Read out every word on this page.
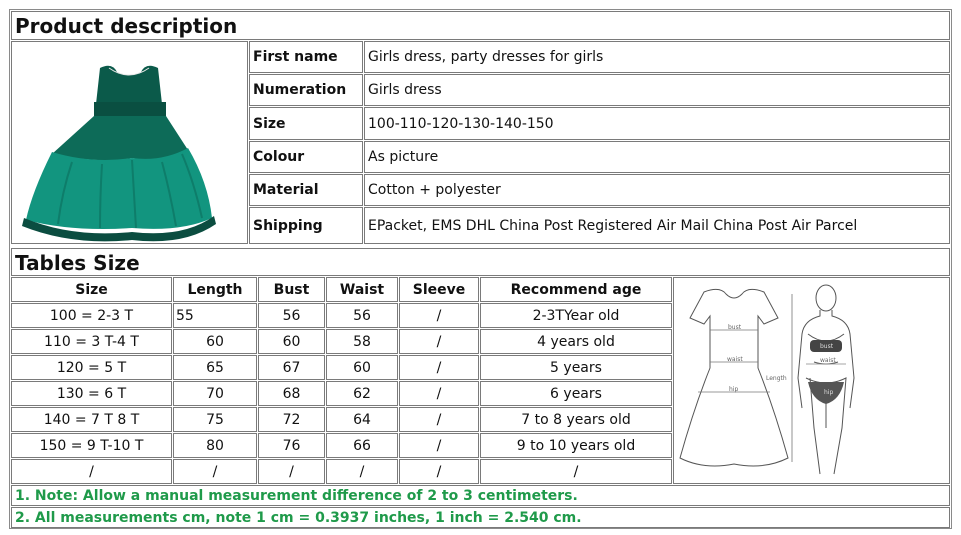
Product description
First name	Girls dress, party dresses for girls
Numeration	Girls dress
Size	100-110-120-130-140-150
Colour	As picture
Material	Cotton + polyester
Shipping	EPacket, EMS DHL China Post Registered Air Mail China Post Air Parcel
Tables Size
Size	Length	Bust	Waist	Sleeve	Recommend age
100 = 2-3 T	55	56	56	/	2-3TYear old
110 = 3 T-4 T	60	60	58	/	4 years old
120 = 5 T	65	67	60	/	5 years
130 = 6 T	70	68	62	/	6 years
140 = 7 T 8 T	75	72	64	/	7 to 8 years old
150 = 9 T-10 T	80	76	66	/	9 to 10 years old
/	/	/	/	/	/
bust
waist
hip
Length
bust
hip
waist
1. Note: Allow a manual measurement difference of 2 to 3 centimeters.
2. All measurements cm, note 1 cm = 0.3937 inches, 1 inch = 2.540 cm.
